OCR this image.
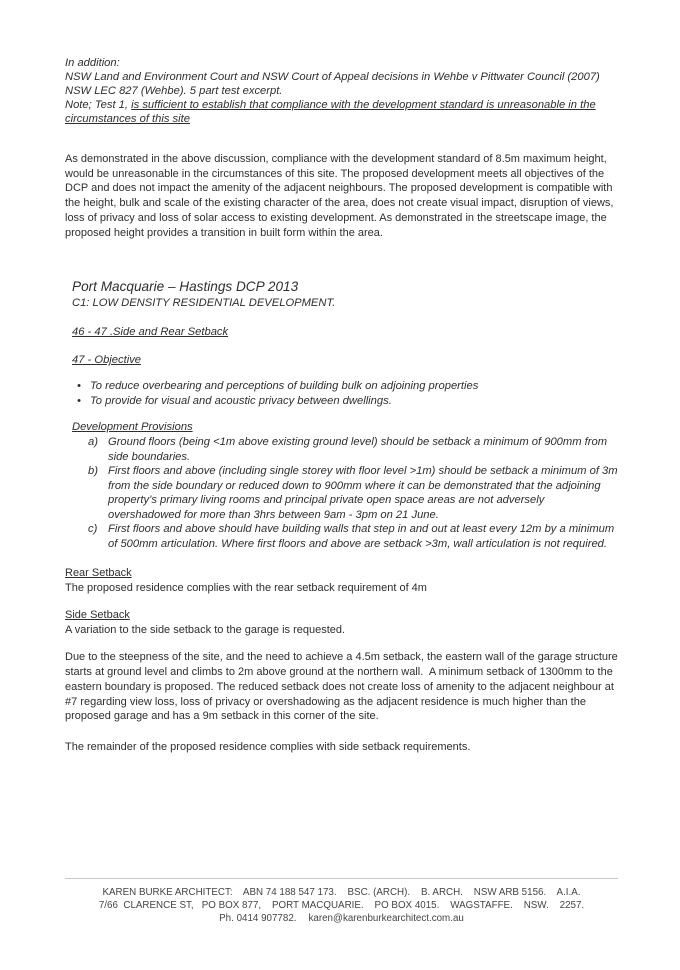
In addition:

NSW Land and Environment Court and NSW Court of Appeal decisions in Wehbe v Pittwater Council (2007)

NSW LEC 827 (Wehbe). 5 part test excerpt.

Note; Test 1, is sufficient to establish that compliance with the development standard is unreasonable in the circumstances of this site

As demonstrated in the above discussion, compliance with the development standard of 8.5m maximum height, would be unreasonable in the circumstances of this site. The proposed development meets all objectives of the DCP and does not impact the amenity of the adjacent neighbours. The proposed development is compatible with the height, bulk and scale of the existing character of the area, does not create visual impact, disruption of views, loss of privacy and loss of solar access to existing development. As demonstrated in the streetscape image, the proposed height provides a transition in built form within the area.

Port Macquarie – Hastings DCP 2013

C1: LOW DENSITY RESIDENTIAL DEVELOPMENT.

46 - 47 .Side and Rear Setback

47 - Objective

• To reduce overbearing and perceptions of building bulk on adjoining properties
• To provide for visual and acoustic privacy between dwellings.

Development Provisions

a) Ground floors (being <1m above existing ground level) should be setback a minimum of 900mm from side boundaries.
b) First floors and above (including single storey with floor level >1m) should be setback a minimum of 3m from the side boundary or reduced down to 900mm where it can be demonstrated that the adjoining property’s primary living rooms and principal private open space areas are not adversely overshadowed for more than 3hrs between 9am - 3pm on 21 June.
c) First floors and above should have building walls that step in and out at least every 12m by a minimum of 500mm articulation. Where first floors and above are setback >3m, wall articulation is not required.

Rear Setback

The proposed residence complies with the rear setback requirement of 4m

Side Setback

A variation to the side setback to the garage is requested.

Due to the steepness of the site, and the need to achieve a 4.5m setback, the eastern wall of the garage structure starts at ground level and climbs to 2m above ground at the northern wall.  A minimum setback of 1300mm to the eastern boundary is proposed. The reduced setback does not create loss of amenity to the adjacent neighbour at #7 regarding view loss, loss of privacy or overshadowing as the adjacent residence is much higher than the proposed garage and has a 9m setback in this corner of the site.

The remainder of the proposed residence complies with side setback requirements.

KAREN BURKE ARCHITECT:    ABN 74 188 547 173.    BSC. (ARCH).    B. ARCH.    NSW ARB 5156.    A.I.A.

7/66  CLARENCE ST,   PO BOX 877,    PORT MACQUARIE.    PO BOX 4015.    WAGSTAFFE.    NSW.    2257.

Ph. 0414 907782. karen@karenburkearchitect.com.au
